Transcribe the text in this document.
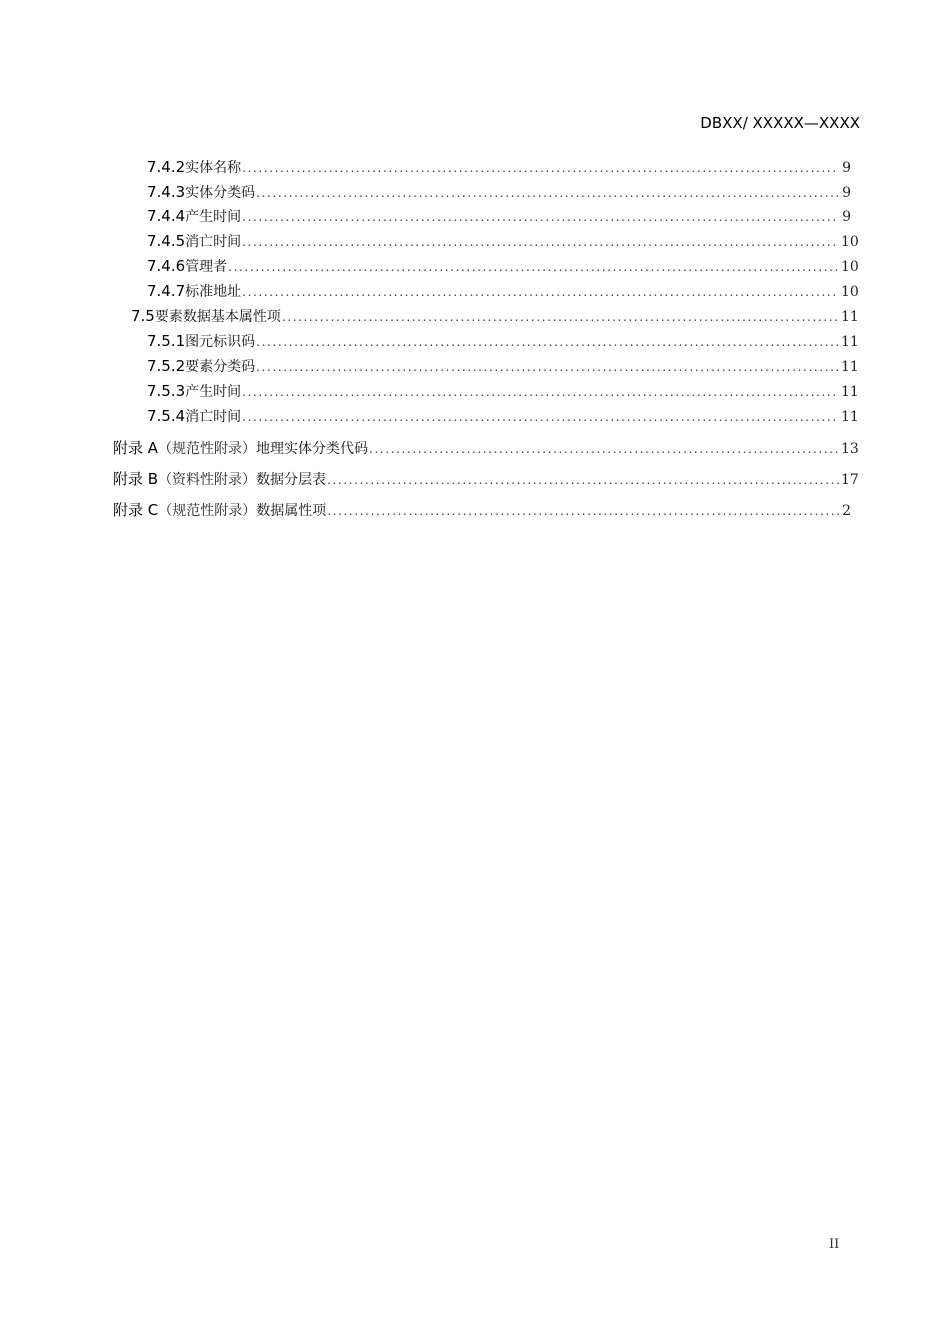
DBXX/ XXXXX—XXXX
7.4.2 实体名称 .....	9
7.4.3 实体分类码 .....	9
7.4.4 产生时间 .....	9
7.4.5 消亡时间 .....	10
7.4.6 管理者 .....	10
7.4.7 标准地址 .....	10
7.5 要素数据基本属性项 .....	11
7.5.1 图元标识码 .....	11
7.5.2 要素分类码 .....	11
7.5.3 产生时间 .....	11
7.5.4 消亡时间 .....	11
附录 A （规范性附录） 地理实体分类代码 .....	13
附录 B （资料性附录） 数据分层表 .....	17
附录 C （规范性附录） 数据属性项 .....	2
II
